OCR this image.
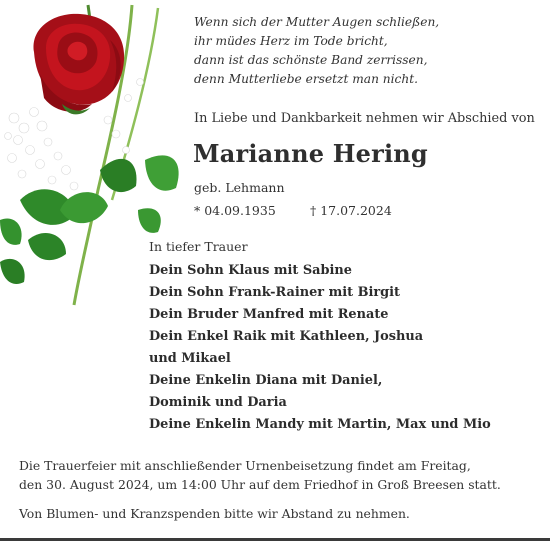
Wenn sich der Mutter Augen schließen,
ihr müdes Herz im Tode bricht,
dann ist das schönste Band zerrissen,
denn Mutterliebe ersetzt man nicht.
In Liebe und Dankbarkeit nehmen wir Abschied von
Marianne Hering
geb. Lehmann
* 04.09.1935	† 17.07.2024
In tiefer Trauer
Dein Sohn Klaus mit Sabine
Dein Sohn Frank-Rainer mit Birgit
Dein Bruder Manfred mit Renate
Dein Enkel Raik mit Kathleen, Joshua
und Mikael
Deine Enkelin Diana mit Daniel,
Dominik und Daria
Deine Enkelin Mandy mit Martin, Max und Mio
Die Trauerfeier mit anschließender Urnenbeisetzung findet am Freitag,
den 30. August 2024, um 14:00 Uhr auf dem Friedhof in Groß Breesen statt.
Von Blumen- und Kranzspenden bitte wir Abstand zu nehmen.
